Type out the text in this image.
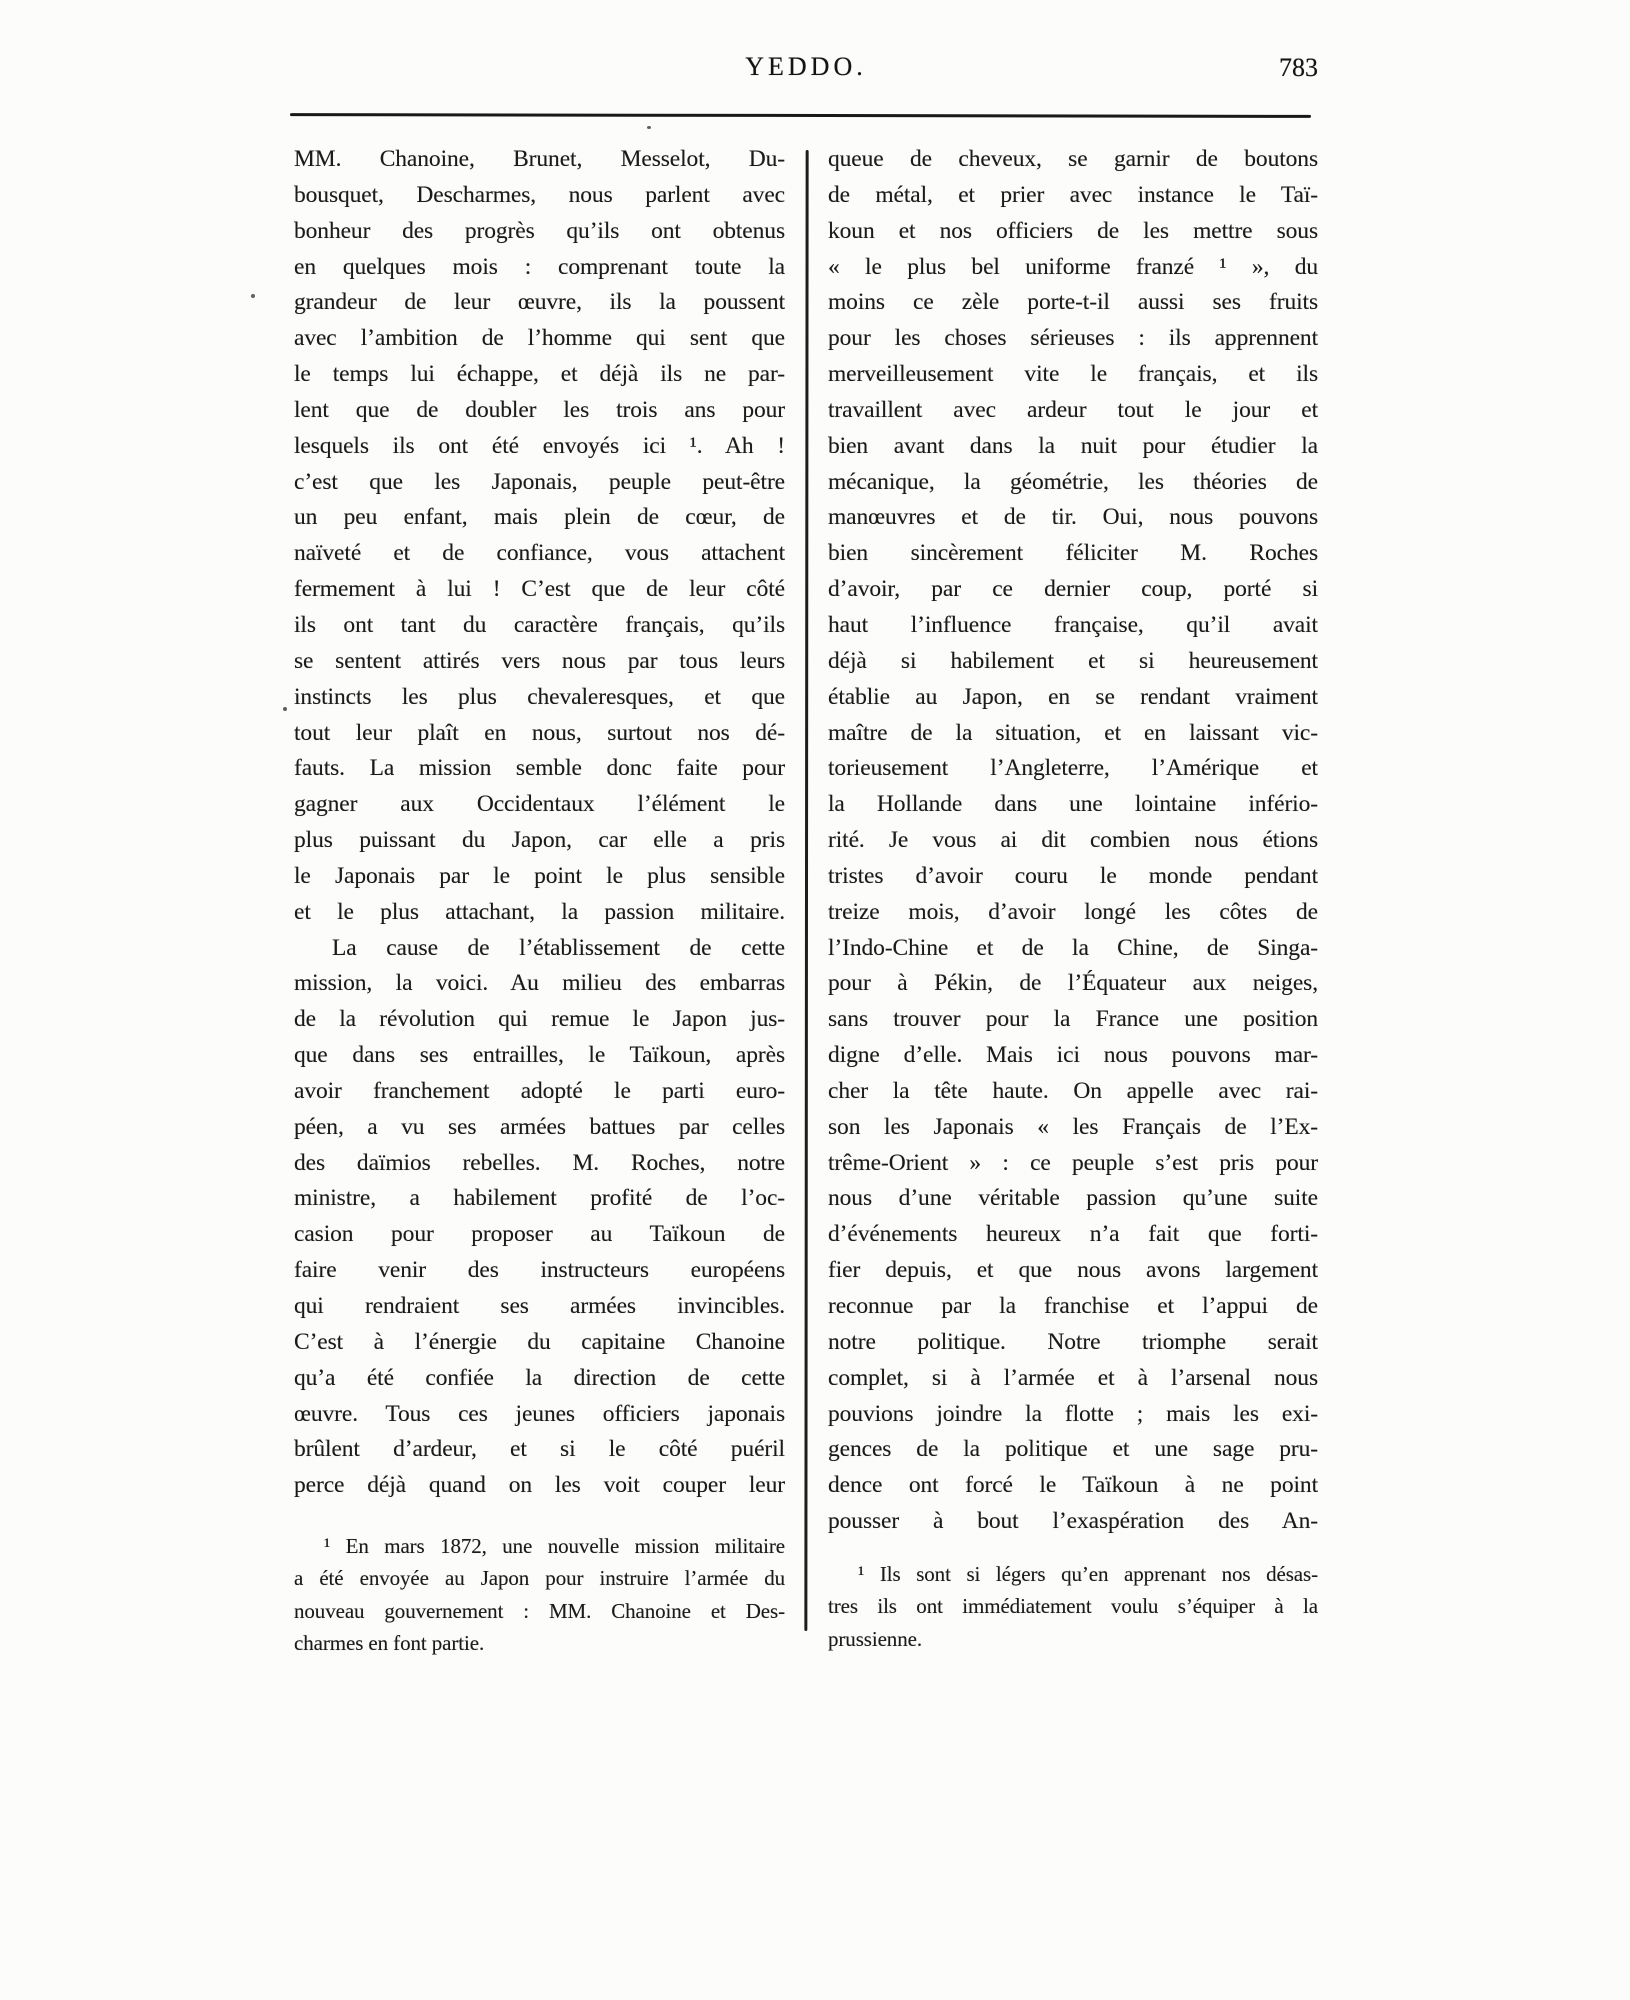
YEDDO.	783
MM. Chanoine, Brunet, Messelot, Du-
bousquet, Descharmes, nous parlent avec
bonheur des progrès qu’ils ont obtenus
en quelques mois : comprenant toute la
grandeur de leur œuvre, ils la poussent
avec l’ambition de l’homme qui sent que
le temps lui échappe, et déjà ils ne par-
lent que de doubler les trois ans pour
lesquels ils ont été envoyés ici ¹. Ah !
c’est que les Japonais, peuple peut-être
un peu enfant, mais plein de cœur, de
naïveté et de confiance, vous attachent
fermement à lui ! C’est que de leur côté
ils ont tant du caractère français, qu’ils
se sentent attirés vers nous par tous leurs
instincts les plus chevaleresques, et que
tout leur plaît en nous, surtout nos dé-
fauts. La mission semble donc faite pour
gagner aux Occidentaux l’élément le
plus puissant du Japon, car elle a pris
le Japonais par le point le plus sensible
et le plus attachant, la passion militaire.
La cause de l’établissement de cette
mission, la voici. Au milieu des embarras
de la révolution qui remue le Japon jus-
que dans ses entrailles, le Taïkoun, après
avoir franchement adopté le parti euro-
péen, a vu ses armées battues par celles
des daïmios rebelles. M. Roches, notre
ministre, a habilement profité de l’oc-
casion pour proposer au Taïkoun de
faire venir des instructeurs européens
qui rendraient ses armées invincibles.
C’est à l’énergie du capitaine Chanoine
qu’a été confiée la direction de cette
œuvre. Tous ces jeunes officiers japonais
brûlent d’ardeur, et si le côté puéril
perce déjà quand on les voit couper leur
¹ En mars 1872, une nouvelle mission militaire
a été envoyée au Japon pour instruire l’armée du
nouveau gouvernement : MM. Chanoine et Des-
charmes en font partie.
queue de cheveux, se garnir de boutons
de métal, et prier avec instance le Taï-
koun et nos officiers de les mettre sous
« le plus bel uniforme franzé ¹ », du
moins ce zèle porte-t-il aussi ses fruits
pour les choses sérieuses : ils apprennent
merveilleusement vite le français, et ils
travaillent avec ardeur tout le jour et
bien avant dans la nuit pour étudier la
mécanique, la géométrie, les théories de
manœuvres et de tir. Oui, nous pouvons
bien sincèrement féliciter M. Roches
d’avoir, par ce dernier coup, porté si
haut l’influence française, qu’il avait
déjà si habilement et si heureusement
établie au Japon, en se rendant vraiment
maître de la situation, et en laissant vic-
torieusement l’Angleterre, l’Amérique et
la Hollande dans une lointaine infério-
rité. Je vous ai dit combien nous étions
tristes d’avoir couru le monde pendant
treize mois, d’avoir longé les côtes de
l’Indo-Chine et de la Chine, de Singa-
pour à Pékin, de l’Équateur aux neiges,
sans trouver pour la France une position
digne d’elle. Mais ici nous pouvons mar-
cher la tête haute. On appelle avec rai-
son les Japonais « les Français de l’Ex-
trême-Orient » : ce peuple s’est pris pour
nous d’une véritable passion qu’une suite
d’événements heureux n’a fait que forti-
fier depuis, et que nous avons largement
reconnue par la franchise et l’appui de
notre politique. Notre triomphe serait
complet, si à l’armée et à l’arsenal nous
pouvions joindre la flotte ; mais les exi-
gences de la politique et une sage pru-
dence ont forcé le Taïkoun à ne point
pousser à bout l’exaspération des An-
¹ Ils sont si légers qu’en apprenant nos désas-
tres ils ont immédiatement voulu s’équiper à la
prussienne.
